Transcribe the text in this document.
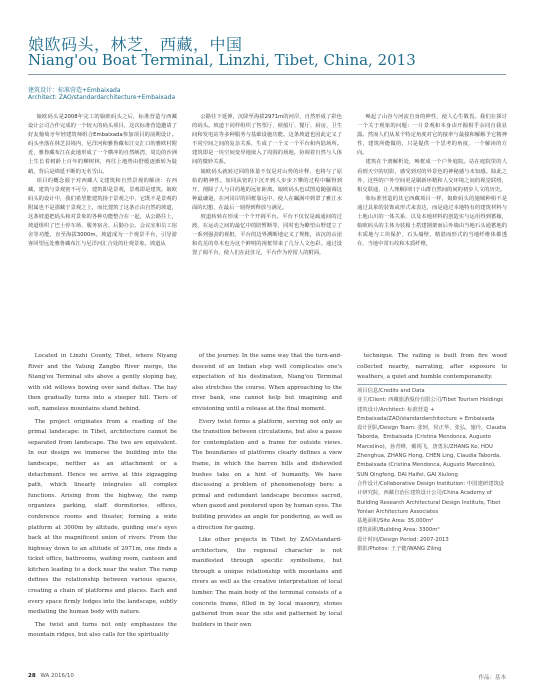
娘欧码头，林芝，西藏，中国
Niang'ou Boat Terminal, Linzhi, Tibet, China, 2013
建筑设计：标准营造+Embaixada
Architect: ZAO/standardarchitecture+Embaixada

娘欧码头是2008年完工的娘欧码头之后，标准营造与西藏设计公司合作完成的一个较大的码头项目，这次标准营造邀请了好友葡萄牙年轻建筑师组合Embaixada参加项目的前期设计。码头坐落在林芝县境内，尼洋河和雅鲁藏布江交汇口的雅欧村附近，雅鲁藏布江在此地形成了一个横冲的自然峡湾，周边的沙洲上生长着树龄上百年的柳树林，再往上地势由舒缓逐渐转为陡峭，背后是绵延不断的无名雪山。

项目的概念源于对西藏人文建筑和自然景观的解读：在西藏，建筑与景观密不可分，建筑即是景观，景观即是建筑。娘欧码头的设计中，我们希望能建筑扬于景观之中，它既不是景观的附属也不是那藏于景观之上，而比建筑了这条正由自然的坡道，这条坡道把码头和对景象的各种功能整合在一起，从公路往上，坡道组织了巴士停车场、服务宿舍、后勤办公、会议室和员工宿舍等功能，直至海拔3000m。坡道成为一个观景平台，引导游客回望远处雅鲁藏布江与尼洋河汇合处的壮观景象。坡道从

公路往下延伸，沉降至海拔2971m的河岸，自然形成了彩色的码头。坡道下同样组织了售票厅、候船厅、餐厅、厨房、卫生间和发电站等多种服务与基础设施功能。这条坡道也因此定义了不同空间之间的复杂关系，生成了一个又一个平台和内陆场所。建筑即是一块空间变异地嵌入了周围的场地，协调着自然与人体间的微妙关系。

娘欧码头就转过回的体量不仅是对山势的诠释，也将与了原始的精神性。如同从密的下沉开到人步步下攀的过程中瞩得到开，削除了人与目的地的远征距离。娘欧码头也试图追随强调这种最谦逊，在河岗岸的回框靠远中，使人在瞩满中到罩了雅江水面的幻想，在最后一刻得到释放与满足。

坡道转转在形成一个个开阔平台。平台不仅仅是疏通间的过渡，在运动之间的最忆中的陪暂断等，同时也为瞭望山野建立了一系列强劲的视框，平台的边界溯断地定义了规帐，该沉的山崖和荒芜的草木也为这个鲜明的视框带来了几分人文色彩。通过设置了阔平台，使人们在此驻足，平台作为停留人的附面，

唤起了山谷与河流自身的神性，使人心生敬畏。我们在探讨一个关于现象的问题：一片景观和本身由开掘相乎余同自我显露。然而人们从某个特定角度对它的接率与最接和解解予它精神性，建筑所能做的，只是提供一个思考的角度，一个解读的方向。

建筑在个剖解析处，唤框成一个户外庭院。站在庭院里的人看到天空的切影，感受到对的外景色的神秘感与未知感。除此之外，这些的户外空间更是刷新环精和人交环境之间的视觉联络，相交联通，让人理解回归于山群自然间的间的初步人文的历史。

象标准营造的其它西藏项目一样，娘欧码头的施城种相不是通过具象的装饰或形式来表达，而是通过本地特有的建筑材料与土地山川的一体关系，以及本地材料的创造实与运用得到蓄嫁，娘欧码头的主体为装箱土搭建钢架而后外墙由当地石头通蓄地的木质地与工块保护，石头墙壁，精湛而形式的当地纤维体都透在，当地中常石纹和木质纤维，

Located in Linzhi County, Tibet, where Niyang River and the Yalung Zangbo River merge, the Niang'ou Terminal sits above a gently sloping bay, with old willows bowing over sand deltas. The bay then gradually turns into a steeper hill. Tiers of soft, nameless mountains stand behind.

The project originates from a reading of the primal landscape: in Tibet, architecture cannot be separated from landscape. The two are equivalent. In our design we immerse the building into the landscape, neither as an attachment or a detachment. Hence we arrive at this zigzagging path, which linearly integrates all complex functions. Arising from the highway, the ramp organizes parking, staff dormitories, offices, conference rooms and theater, forming a wide platform at 3000m by altitude, guiding one's eyes back at the magnificent union of rivers. From the highway down to an altitude of 2971m, one finds a ticket office, bathrooms, waiting room, canteen and kitchen leading to a dock near the water. The ramp defines the relationship between various spaces, creating a chain of platforms and places. Each and every space firmly lodges into the landscape, subtly mediating the human body with nature.

The twist and turns not only emphasizes the mountain ridges, but also calls for the spirituality

of the journey. In the same way that the turn-and-descend of an Indian step well complicates one's expectation of his destination, Niang'ou Terminal also stretches the course. When approaching to the river bank, one cannot help but imagining and envisioning until a release at the final moment.

Every twist forms a platform, serving not only as the transition between circulations, but also a pause for contemplation and a frame for outside views. The boundaries of platforms clearly defines a view frame, in which the barren hills and disheveled bushes take on a hint of humanity. We have discussing a problem of phenomenology here: a primal and redundant landscape becomes sacred, when gazed and pondered upon by human eyes. The building provides an angle for pondering, as well as a direction for gazing.

Like other projects in Tibet by ZAO/standard-architecture, the regional character is not manifested through specific symbolisms, but through a unique relationship with mountains and rivers as well as the creative interpretation of local lumber. The main body of the terminal consists of a concrete frame, filled in by local masonry, stones gathered from near the site and patterned by local builders in their own

technique. The railing is built from fire wood collected nearby, narrating, after exposure to weathers, a quiet and humble contemporaneity.

项目信息/Credits and Data
业主/Client: 西藏旅游股份有限公司/Tibet Tourism Holdings
建筑设计/Architect: 标准营造 + Embaixada/ZAO/standardarchitecture + Embaixada
设计团队/Design Team: 张轲，侯正华，张弘，施玲，Claudia Taborda，Embaixada (Cristina Mendonca, Augusto Marcelino)，孙青峰，戴锡飞，唐勇东/ZHANG Ke, HOU Zhenghua, ZHANG Hong, CHEN Ling, Claudia Taborda, Embaixada (Cristina Mendonca, Augusto Marcelino), SUN Qingfeng, DAI Haifei, GAI Xiulong
合作设计/Collaborative Design Institution: 中国建研建筑设计研究院，西藏自治区建筑设计公司/China Academy of Building Research Architectural Design Institute, Tibet Yonlan Architecture Associates
基地面积/Site Area: 35,000m²
建筑面积/Building Area: 3300m²
设计时间/Design Period: 2007-2013
摄影/Photos: 王子健/WANG Ziling
28 WA 2016/10	作品：基本
